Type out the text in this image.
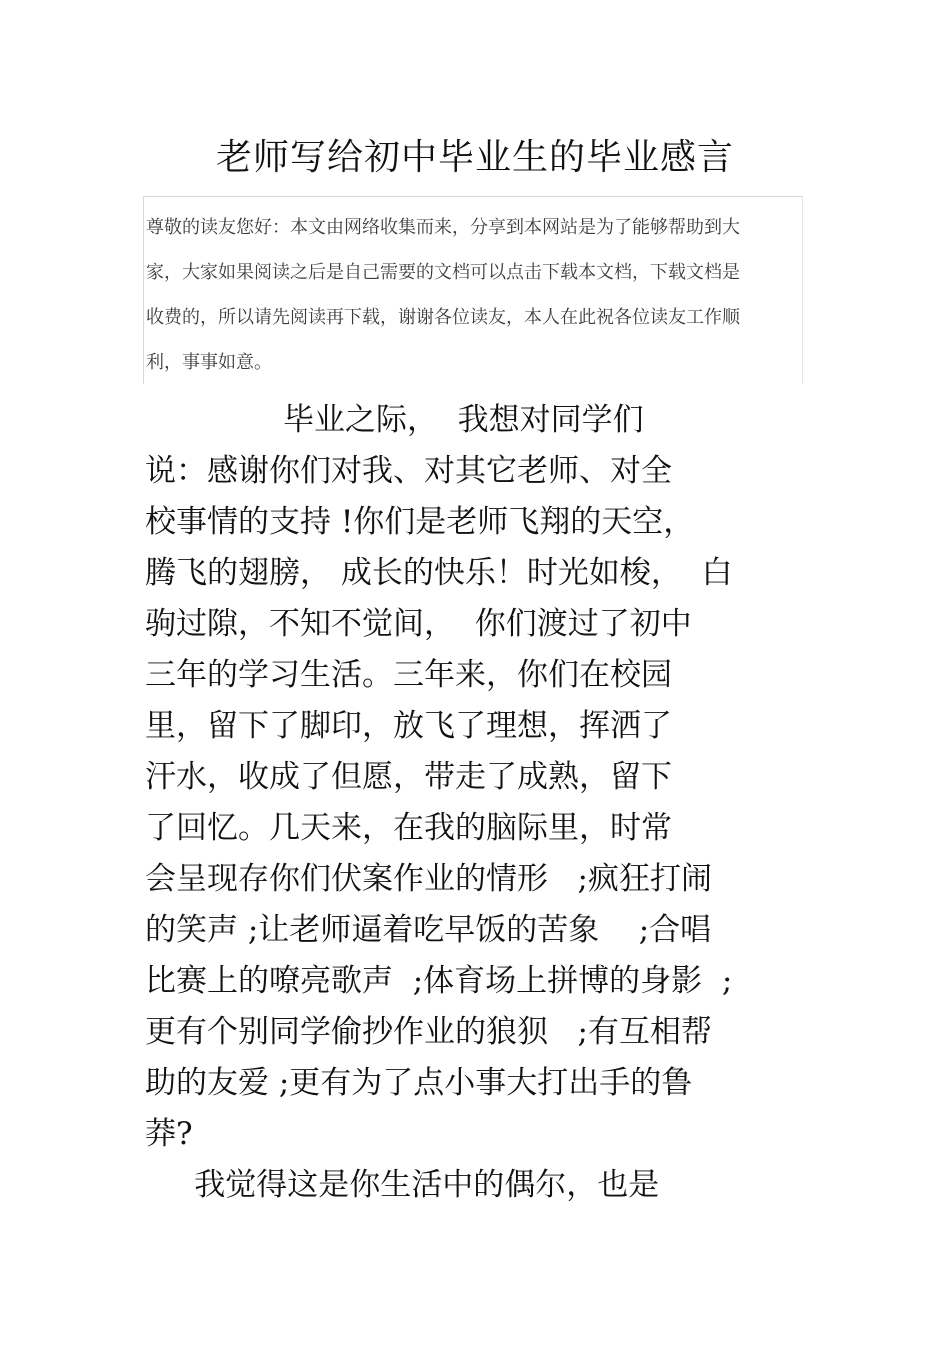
老师写给初中毕业生的毕业感言
尊敬的读友您好：本文由网络收集而来，分享到本网站是为了能够帮助到大
家，大家如果阅读之后是自己需要的文档可以点击下载本文档，下载文档是
收费的，所以请先阅读再下载，谢谢各位读友，本人在此祝各位读友工作顺
利，事事如意。
毕业之际，  我想对同学们
说：感谢你们对我、对其它老师、对全
校事情的支持 !你们是老师飞翔的天空，
腾飞的翅膀， 成长的快乐！时光如梭，  白
驹过隙，不知不觉间，  你们渡过了初中
三年的学习生活。三年来，你们在校园
里，留下了脚印，放飞了理想，挥洒了
汗水，收成了但愿，带走了成熟，留下
了回忆。几天来，在我的脑际里，时常
会呈现存你们伏案作业的情形   ;疯狂打闹
的笑声 ;让老师逼着吃早饭的苦象    ;合唱
比赛上的嘹亮歌声  ;体育场上拼博的身影  ;
更有个别同学偷抄作业的狼狈   ;有互相帮
助的友爱 ;更有为了点小事大打出手的鲁
莽?
我觉得这是你生活中的偶尔，也是
